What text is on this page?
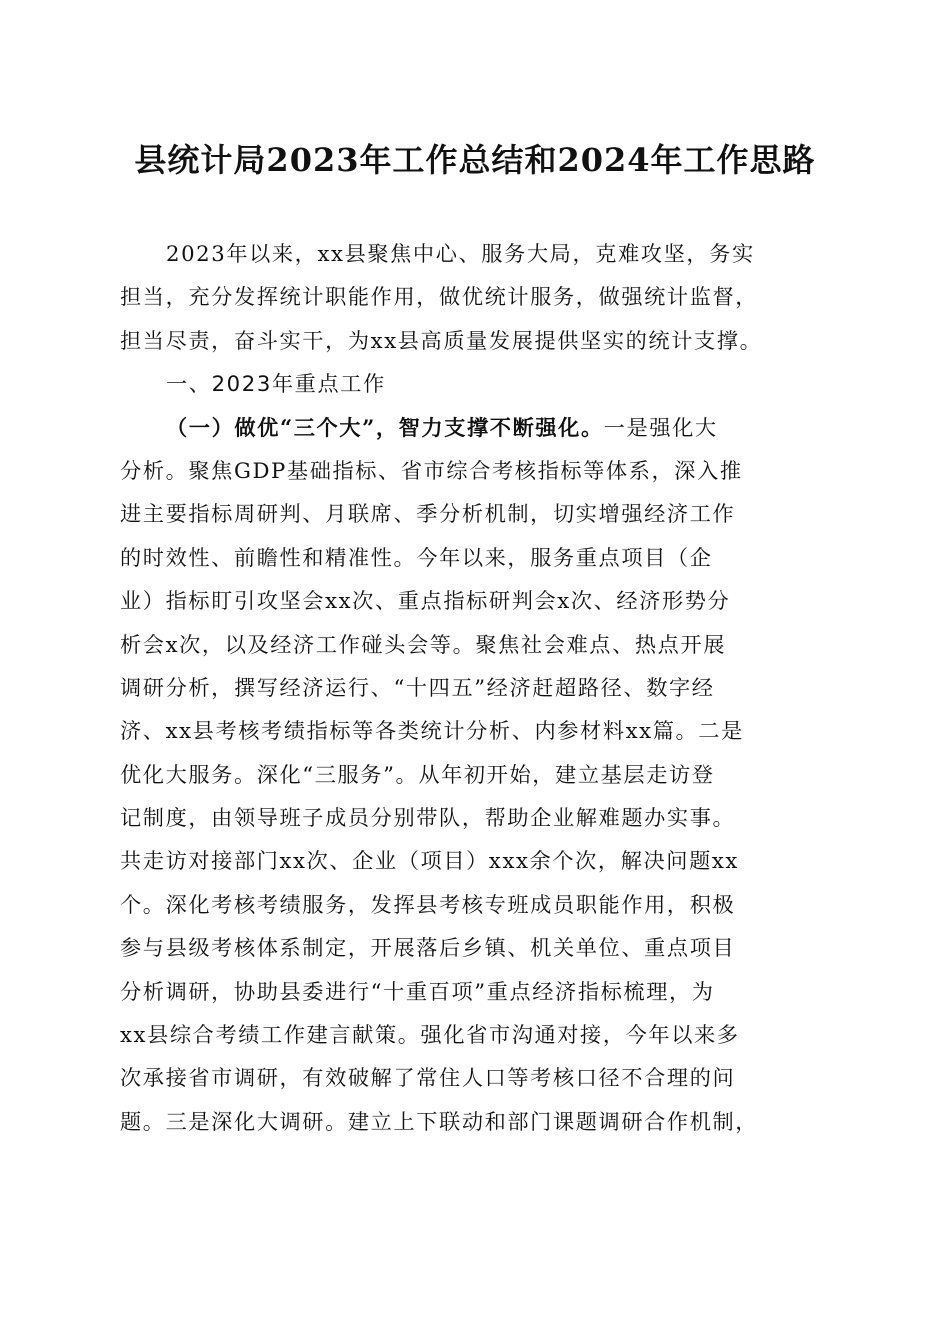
县统计局2023年工作总结和2024年工作思路
2023年以来，xx县聚焦中心、服务大局，克难攻坚，务实
担当，充分发挥统计职能作用，做优统计服务，做强统计监督，
担当尽责，奋斗实干，为xx县高质量发展提供坚实的统计支撑。
一、2023年重点工作
（一）做优“三个大”，智力支撑不断强化。一是强化大
分析。聚焦GDP基础指标、省市综合考核指标等体系，深入推
进主要指标周研判、月联席、季分析机制，切实增强经济工作
的时效性、前瞻性和精准性。今年以来，服务重点项目（企
业）指标盯引攻坚会xx次、重点指标研判会x次、经济形势分
析会x次，以及经济工作碰头会等。聚焦社会难点、热点开展
调研分析，撰写经济运行、“十四五”经济赶超路径、数字经
济、xx县考核考绩指标等各类统计分析、内参材料xx篇。二是
优化大服务。深化“三服务”。从年初开始，建立基层走访登
记制度，由领导班子成员分别带队，帮助企业解难题办实事。
共走访对接部门xx次、企业（项目）xxx余个次，解决问题xx
个。深化考核考绩服务，发挥县考核专班成员职能作用，积极
参与县级考核体系制定，开展落后乡镇、机关单位、重点项目
分析调研，协助县委进行“十重百项”重点经济指标梳理，为
xx县综合考绩工作建言献策。强化省市沟通对接，今年以来多
次承接省市调研，有效破解了常住人口等考核口径不合理的问
题。三是深化大调研。建立上下联动和部门课题调研合作机制，
